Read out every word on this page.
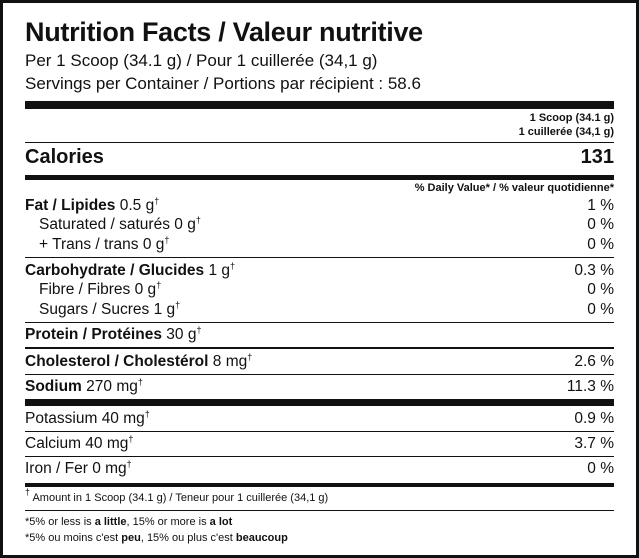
Nutrition Facts / Valeur nutritive
Per 1 Scoop (34.1 g) / Pour 1 cuillerée (34,1 g)
Servings per Container / Portions par récipient : 58.6
1 Scoop (34.1 g)
1 cuillerée (34,1 g)
Calories	131
% Daily Value* / % valeur quotidienne*
Fat / Lipides 0.5 g†	1 %
Saturated / saturés 0 g†	0 %
+ Trans / trans 0 g†	0 %
Carbohydrate / Glucides 1 g†	0.3 %
Fibre / Fibres 0 g†	0 %
Sugars / Sucres 1 g†	0 %
Protein / Protéines 30 g†
Cholesterol / Cholestérol 8 mg†	2.6 %
Sodium 270 mg†	11.3 %
Potassium 40 mg†	0.9 %
Calcium 40 mg†	3.7 %
Iron / Fer 0 mg†	0 %
† Amount in 1 Scoop (34.1 g) / Teneur pour 1 cuillerée (34,1 g)
*5% or less is a little, 15% or more is a lot
*5% ou moins c'est peu, 15% ou plus c'est beaucoup
